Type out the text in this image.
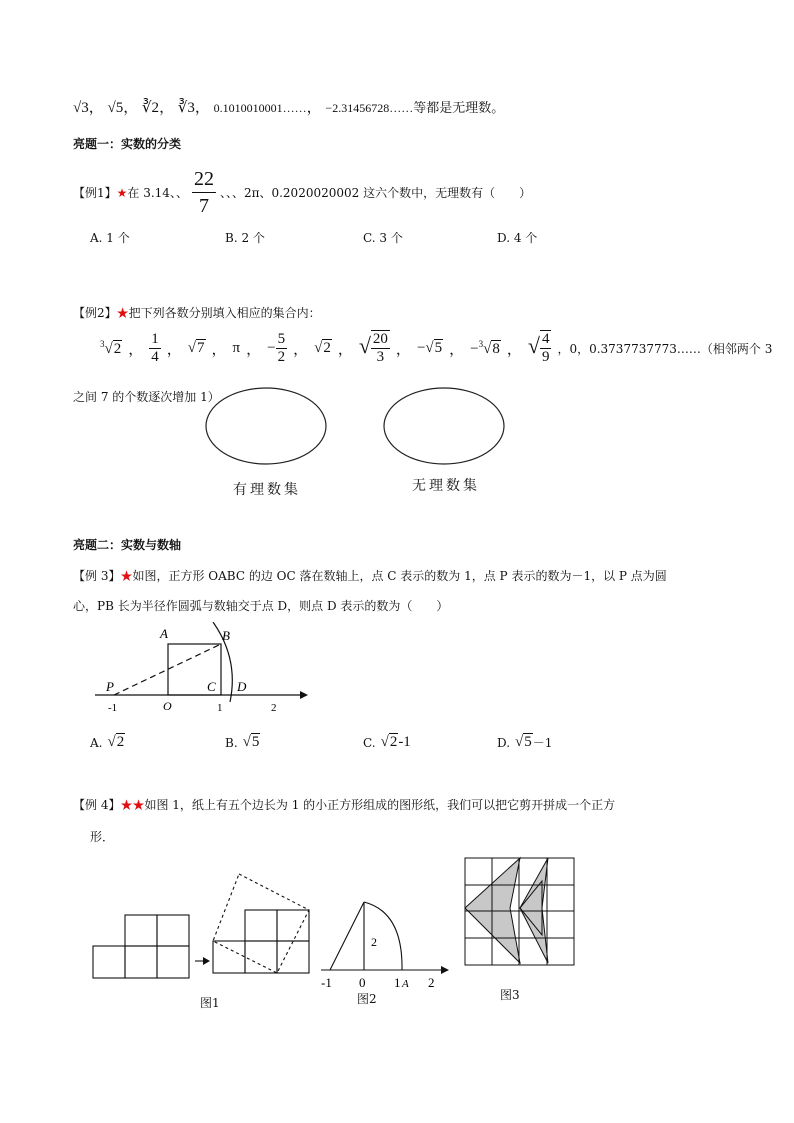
√3， √5， ∛2， ∛3， 0.1010010001……， −2.31456728……等都是无理数。
亮题一：实数的分类
【例1】 ★ 在 3.14、、 $\frac{22}{7}$ 、、、2π、0.2020020002 这六个数中，无理数有（　　）
A. 1 个	B. 2 个	C. 3 个	D. 4 个
【例2】★把下列各数分别填入相应的集合内：
$^3$√2 ， $\frac{1}{4}$ ， √7 ， π ， − $\frac{5}{2}$ ， √2 ， √ $\frac{20}{3}$ ， −√5 ， −$^3$√8 ， √ $\frac{4}{9}$ ，0，0.3737737773……（相邻两个 3
之间 7 的个数逐次增加 1）
有理数集	无理数集
亮题二：实数与数轴
【例 3】★如图，正方形 OABC 的边 OC 落在数轴上，点 C 表示的数为 1，点 P 表示的数为－1，以 P 点为圆
心，PB 长为半径作圆弧与数轴交于点 D，则点 D 表示的数为（　　）
A	B
C D
P
O
-1	1	2
A. √2	B. √5	C. √2 -1	D. √5 －1
【例 4】★★如图 1，纸上有五个边长为 1 的小正方形组成的图形纸，我们可以把它剪开拼成一个正方
形．
图1
2
-1 0 1 A 2
图2	图3
